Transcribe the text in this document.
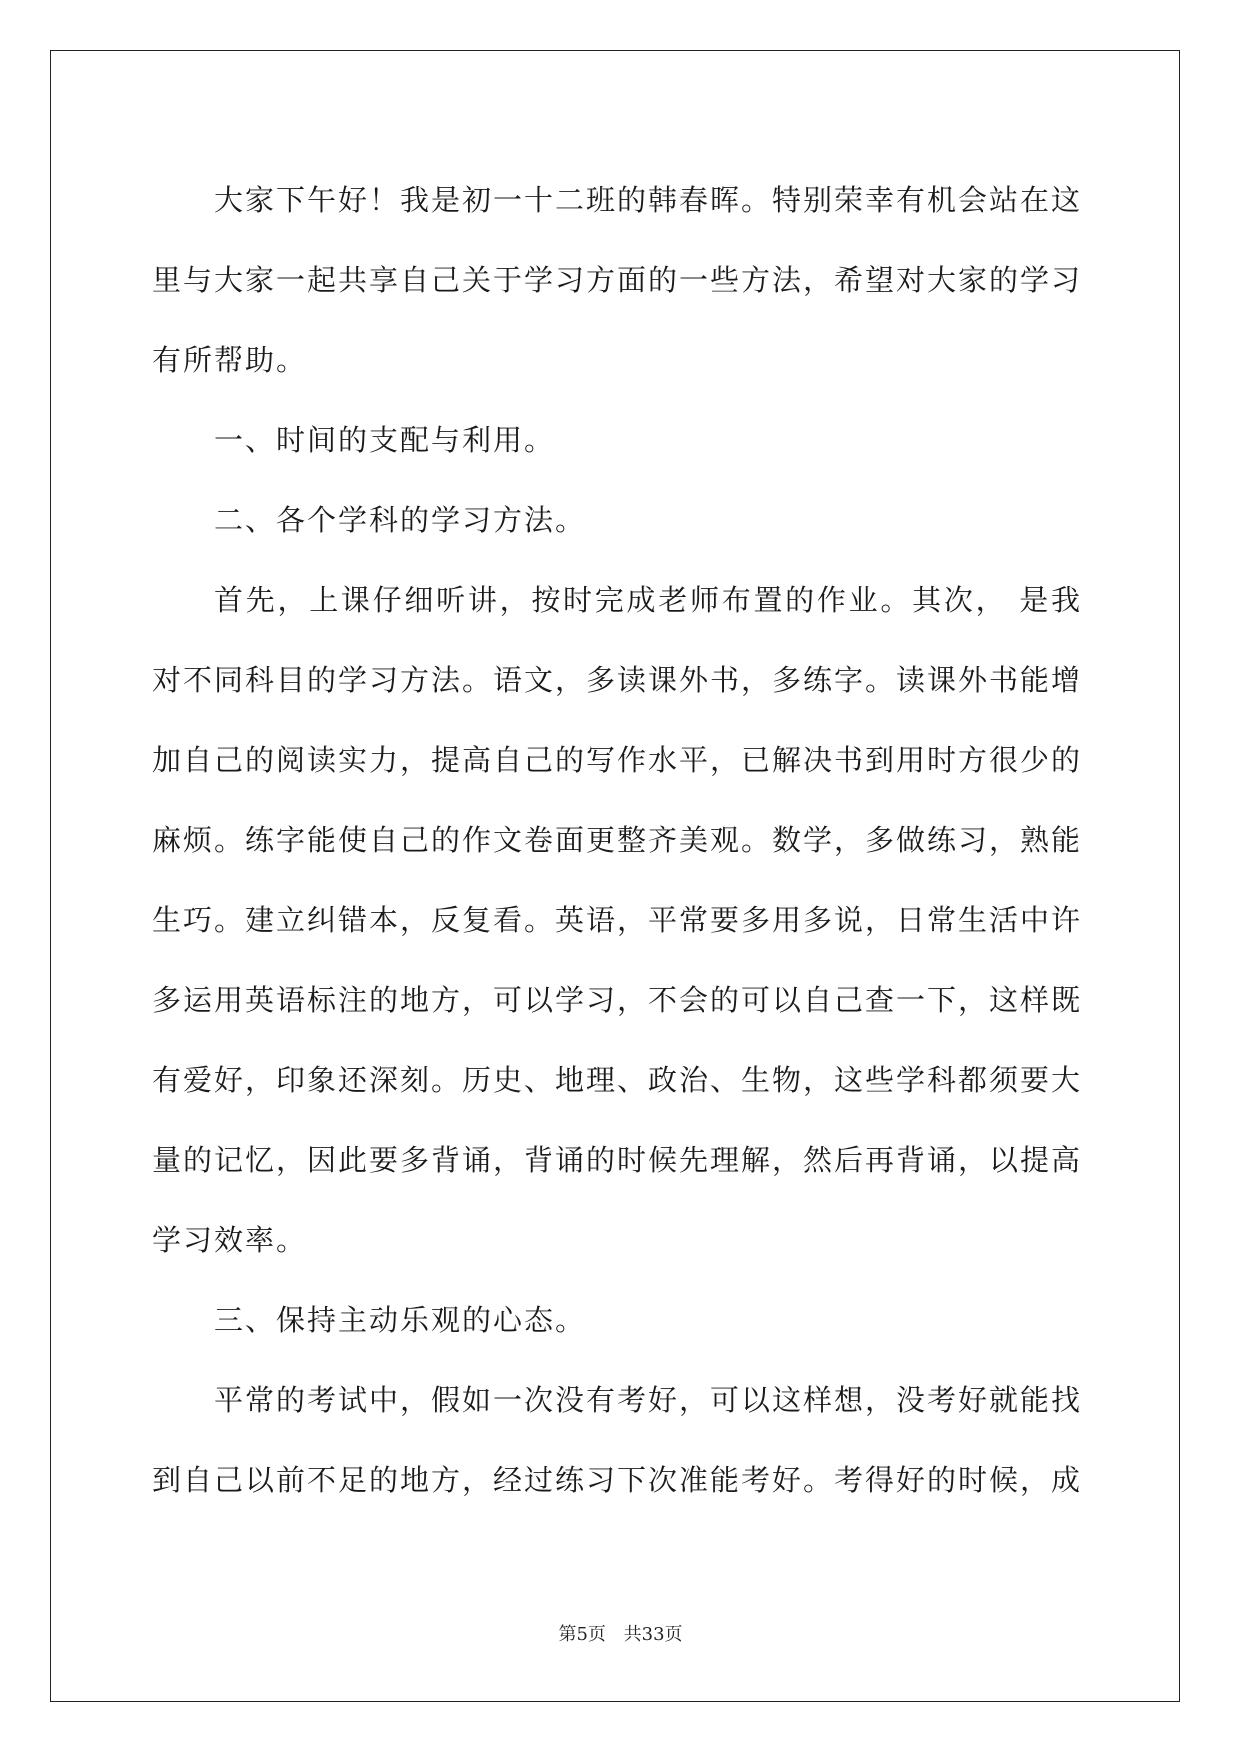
大家下午好！我是初一十二班的韩春晖。特别荣幸有机会站在这里与大家一起共享自己关于学习方面的一些方法，希望对大家的学习有所帮助。

一、时间的支配与利用。

二、各个学科的学习方法。

首先，上课仔细听讲，按时完成老师布置的作业。其次， 是我对不同科目的学习方法。语文，多读课外书，多练字。读课外书能增加自己的阅读实力，提高自己的写作水平，已解决书到用时方很少的麻烦。练字能使自己的作文卷面更整齐美观。数学，多做练习，熟能生巧。建立纠错本，反复看。英语，平常要多用多说，日常生活中许多运用英语标注的地方，可以学习，不会的可以自己查一下，这样既有爱好，印象还深刻。历史、地理、政治、生物，这些学科都须要大量的记忆，因此要多背诵，背诵的时候先理解，然后再背诵，以提高学习效率。

三、保持主动乐观的心态。

平常的考试中，假如一次没有考好，可以这样想，没考好就能找到自己以前不足的地方，经过练习下次准能考好。考得好的时候，成

第5页 共33页
